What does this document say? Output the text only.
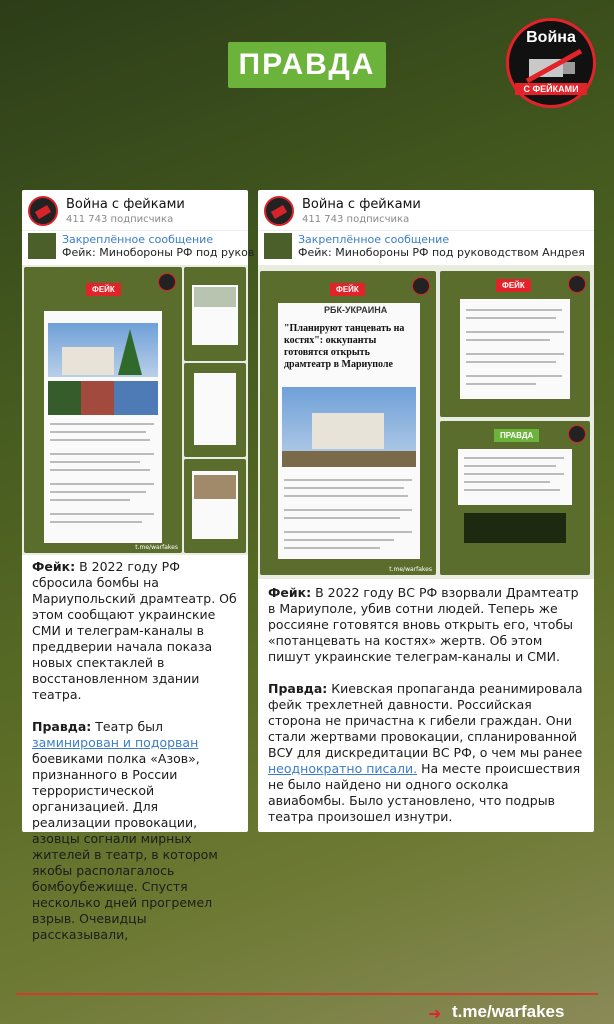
ПРАВДА
Война
С ФЕЙКАМИ
Война с фейками
411 743 подписчика
Закреплённое сообщение
Фейк: Минобороны РФ под руков
ФЕЙК
t.me/warfakes

Фейк: В 2022 году РФ сбросила бомбы на Мариупольский драмтеатр. Об этом сообщают украинские СМИ и телеграм-каналы в преддверии начала показа новых спектаклей в восстановленном здании театра.

Правда: Театр был заминирован и подорван боевиками полка «Азов», признанного в России террористической организацией. Для реализации провокации, азовцы согнали мирных жителей в театр, в котором якобы располагалось бомбоубежище. Спустя несколько дней прогремел взрыв. Очевидцы рассказывали,

Война с фейками
411 743 подписчика
Закреплённое сообщение
Фейк: Минобороны РФ под руководством Андрея
ФЕЙК
РБК-УКРАИНА
"Планируют танцевать на костях": оккупанты готовятся открыть драмтеатр в Мариуполе
t.me/warfakes
ФЕЙК
ПРАВДА

Фейк: В 2022 году ВС РФ взорвали Драмтеатр в Мариуполе, убив сотни людей. Теперь же россияне готовятся вновь открыть его, чтобы «потанцевать на костях» жертв. Об этом пишут украинские телеграм-каналы и СМИ.

Правда: Киевская пропаганда реанимировала фейк трехлетней давности. Российская сторона не причастна к гибели граждан. Они стали жертвами провокации, спланированной ВСУ для дискредитации ВС РФ, о чем мы ранее неоднократно писали. На месте происшествия не было найдено ни одного осколка авиабомбы. Было установлено, что подрыв театра произошел изнутри.

➜ t.me/warfakes
